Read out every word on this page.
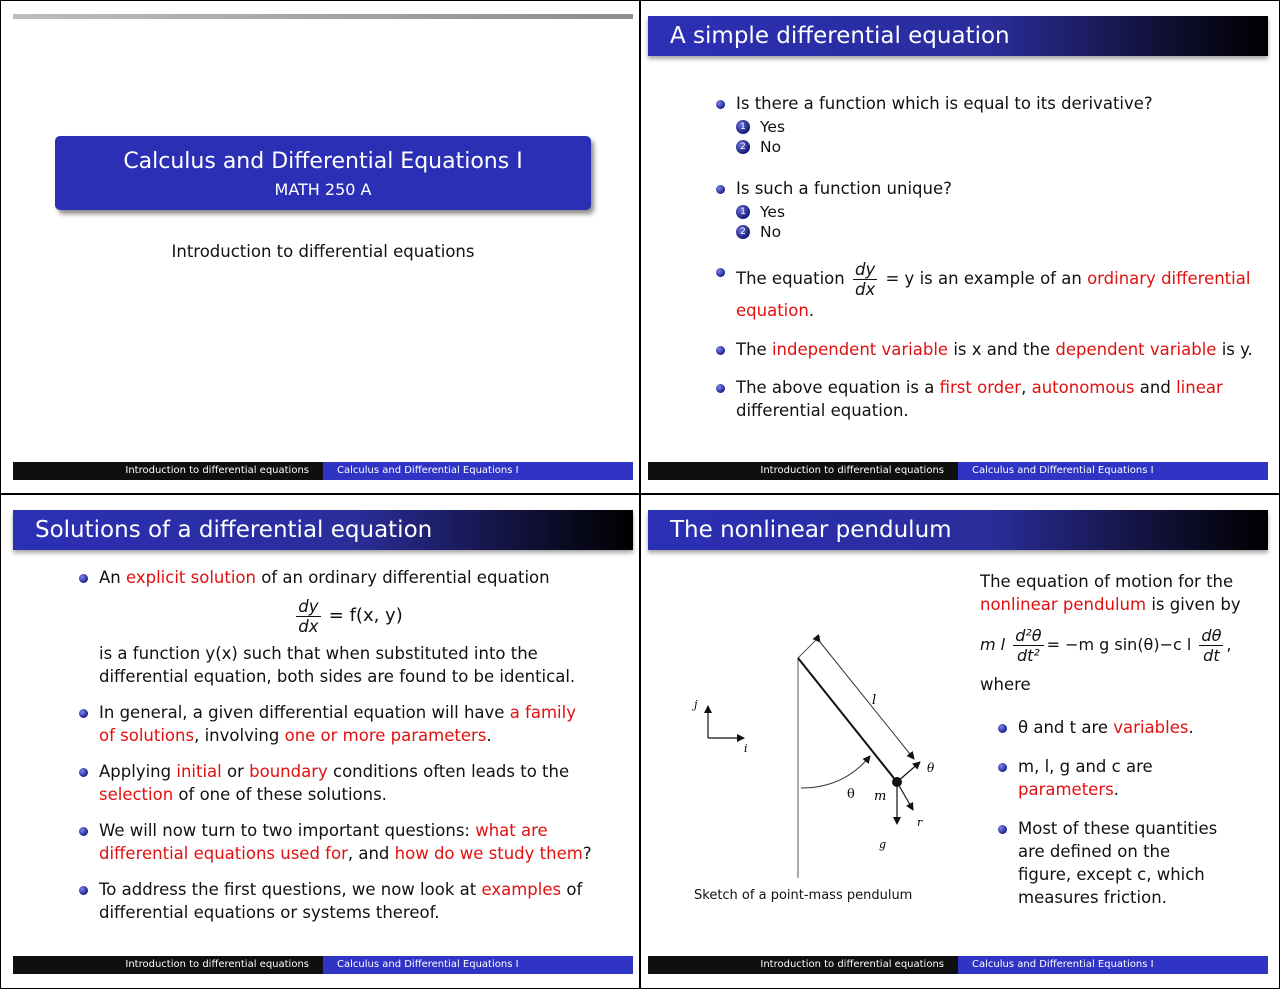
Calculus and Differential Equations I
MATH 250 A
Introduction to differential equations
Introduction to differential equations	Calculus and Differential Equations I
A simple differential equation
Is there a function which is equal to its derivative?
1 Yes
2 No
Is such a function unique?
1 Yes
2 No
The equation $\frac{dy}{dx} = y$ is an example of an ordinary differential equation.
The independent variable is x and the dependent variable is y.
The above equation is a first order, autonomous and linear differential equation.
Introduction to differential equations	Calculus and Differential Equations I
Solutions of a differential equation
An explicit solution of an ordinary differential equation
$\frac{dy}{dx} = f(x$, y)
is a function y(x) such that when substituted into the differential equation, both sides are found to be identical.
In general, a given differential equation will have a family of solutions, involving one or more parameters.
Applying initial or boundary conditions often leads to the selection of one of these solutions.
We will now turn to two important questions: what are differential equations used for, and how do we study them?
To address the first questions, we now look at examples of differential equations or systems thereof.
Introduction to differential equations	Calculus and Differential Equations I
The nonlinear pendulum
l
θ m
θ
r
g
j
i
Sketch of a point-mass pendulum
The equation of motion for the nonlinear pendulum is given by
m l $\frac{\text{d²θ}}{\text{dt²}} = -m$ g sin(θ)−c l $\frac{d\theta}{dt}$ ,
where
θ and t are variables.
m, l, g and c are parameters.
Most of these quantities are defined on the figure, except c, which measures friction.
Introduction to differential equations	Calculus and Differential Equations I
